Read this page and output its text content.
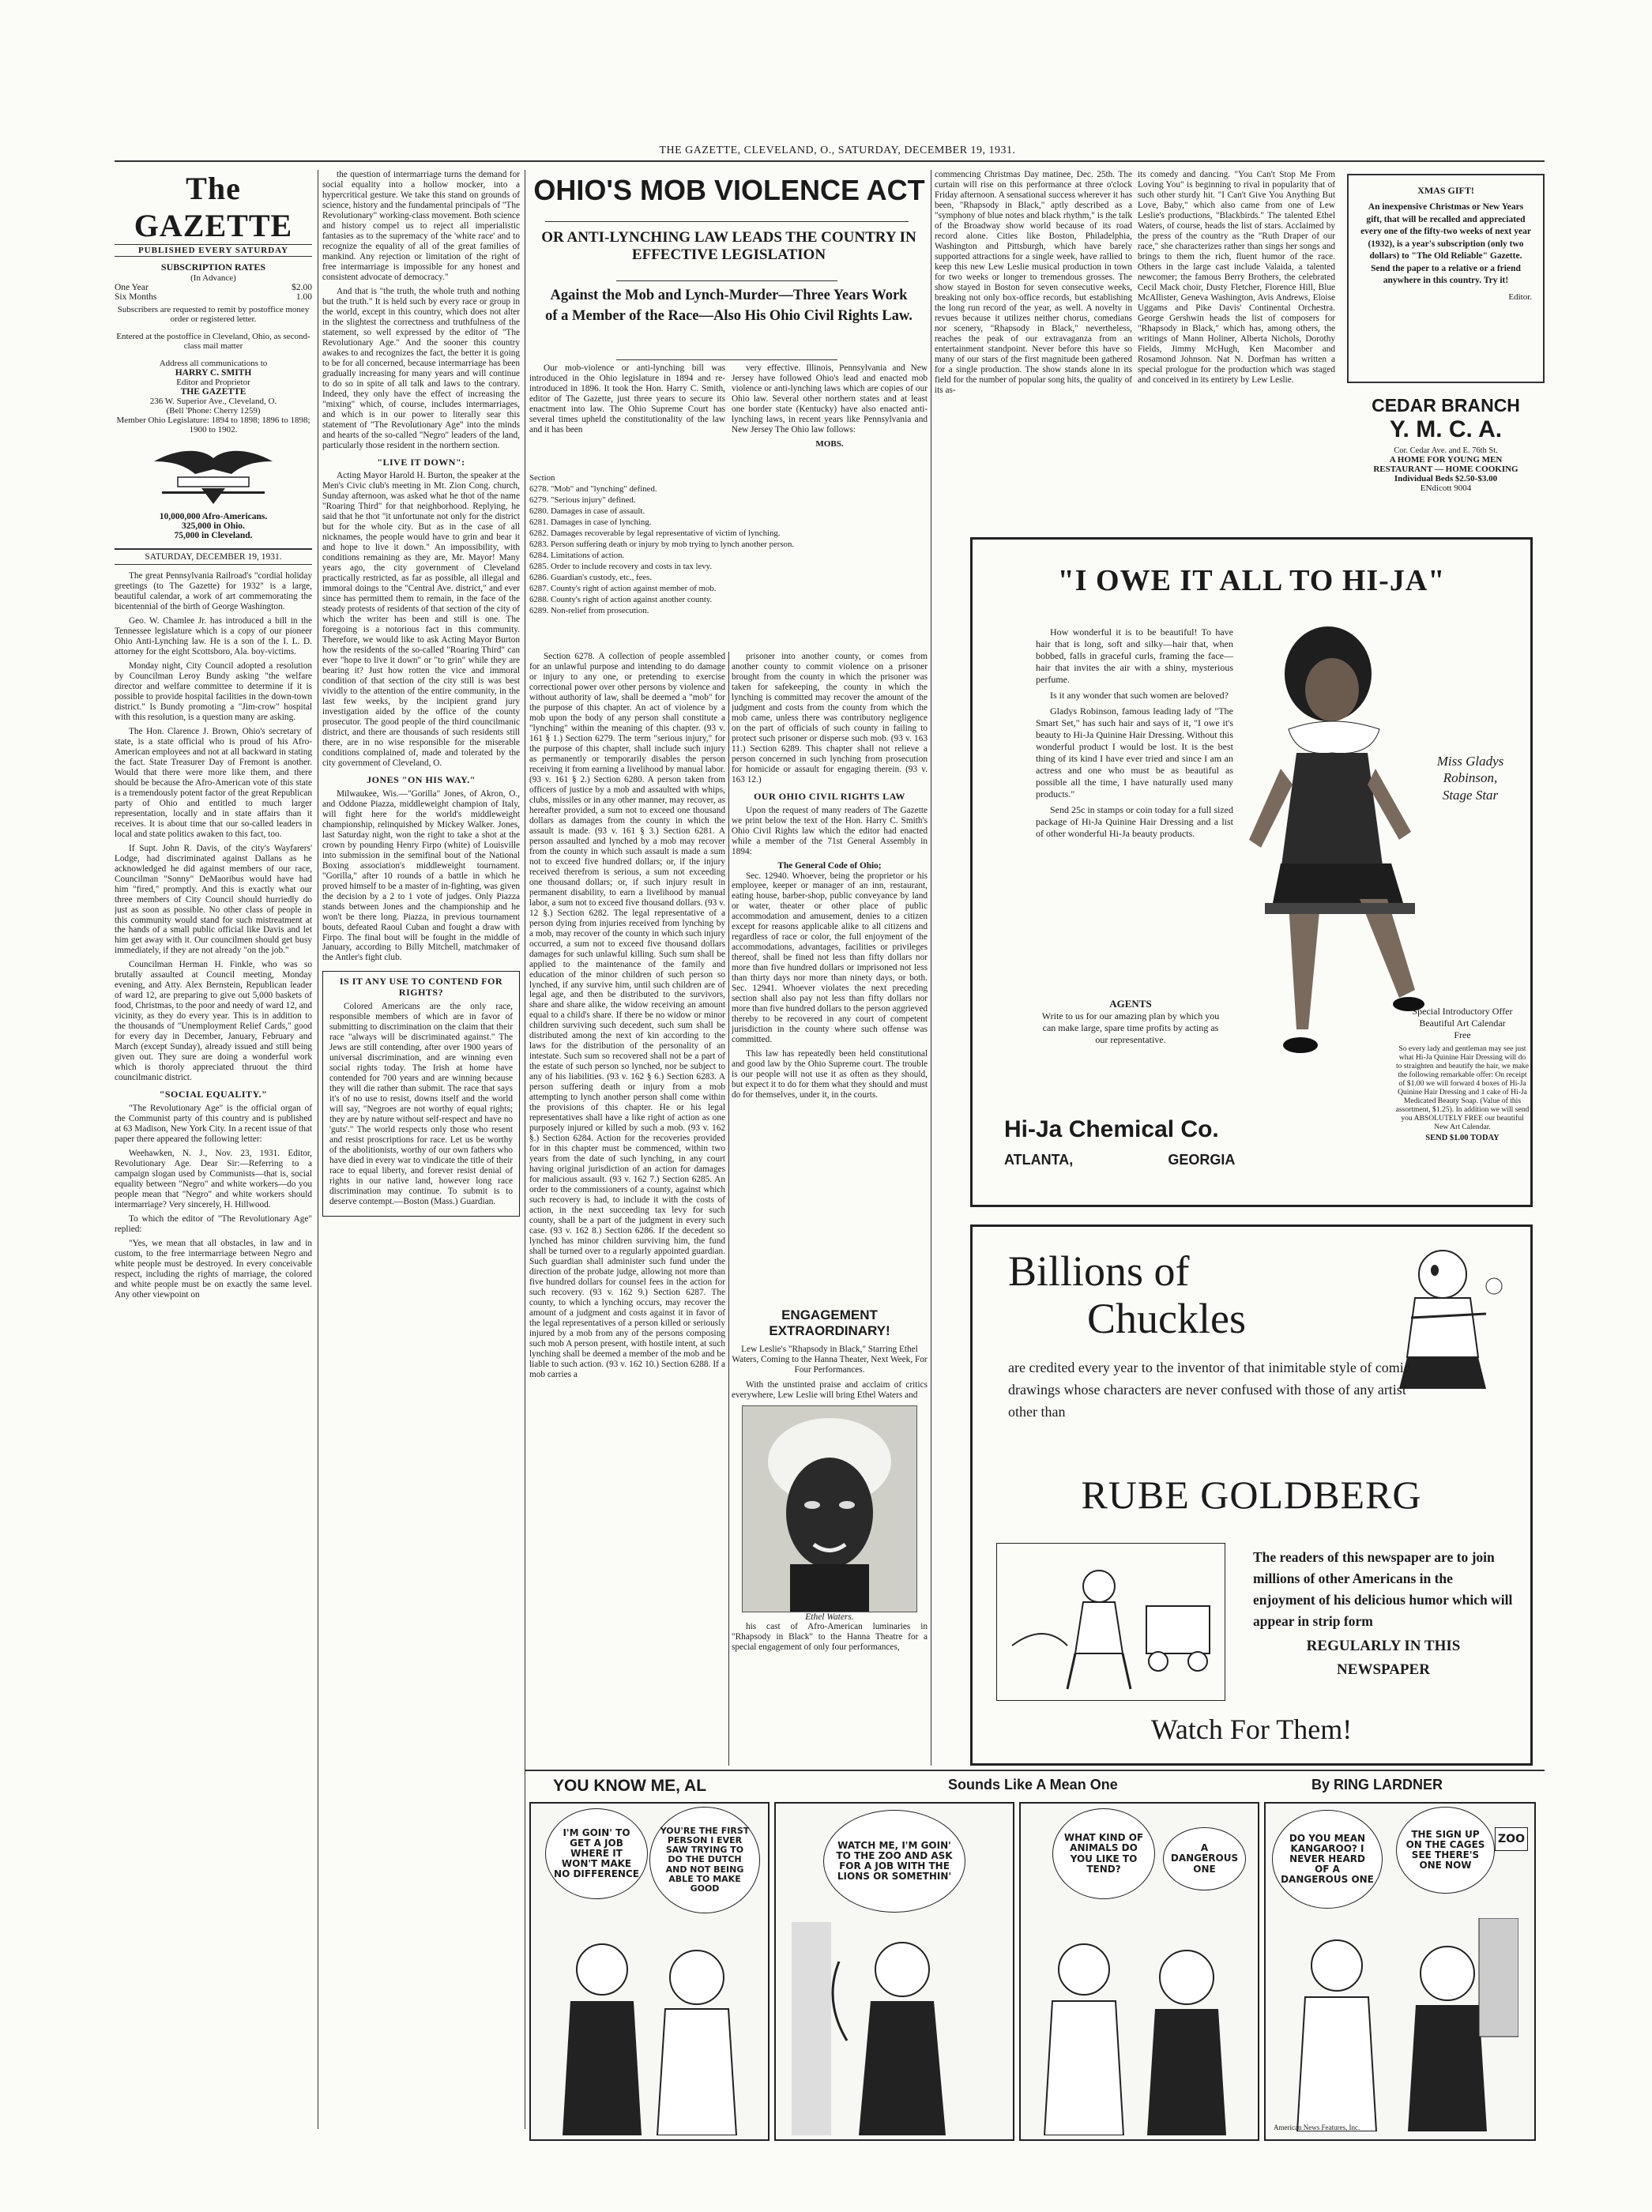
THE GAZETTE, CLEVELAND, O., SATURDAY, DECEMBER 19, 1931.
The GAZETTE
PUBLISHED EVERY SATURDAY
SUBSCRIPTION RATES
(In Advance)
One Year	$2.00
Six Months	1.00
Subscribers are requested to remit by postoffice money order or registered letter.
Entered at the postoffice in Cleveland, Ohio, as second-class mail matter
Address all communications to
HARRY C. SMITH
Editor and Proprietor
THE GAZETTE
236 W. Superior Ave., Cleveland, O.
(Bell 'Phone: Cherry 1259)
Member Ohio Legislature: 1894 to 1898; 1896 to 1898; 1900 to 1902.
10,000,000 Afro-Americans.
325,000 in Ohio.
75,000 in Cleveland.
SATURDAY, DECEMBER 19, 1931.

The great Pennsylvania Railroad's "cordial holiday greetings (to The Gazette) for 1932" is a large, beautiful calendar, a work of art commemorating the bicentennial of the birth of George Washington.

Geo. W. Chamlee Jr. has introduced a bill in the Tennessee legislature which is a copy of our pioneer Ohio Anti-Lynching law. He is a son of the I. L. D. attorney for the eight Scottsboro, Ala. boy-victims.

Monday night, City Council adopted a resolution by Councilman Leroy Bundy asking "the welfare director and welfare committee to determine if it is possible to provide hospital facilities in the down-town district." Is Bundy promoting a "Jim-crow" hospital with this resolution, is a question many are asking.

The Hon. Clarence J. Brown, Ohio's secretary of state, is a state official who is proud of his Afro-American employees and not at all backward in stating the fact. State Treasurer Day of Fremont is another. Would that there were more like them, and there should be because the Afro-American vote of this state is a tremendously potent factor of the great Republican party of Ohio and entitled to much larger representation, locally and in state affairs than it receives. It is about time that our so-called leaders in local and state politics awaken to this fact, too.

If Supt. John R. Davis, of the city's Wayfarers' Lodge, had discriminated against Dallans as he acknowledged he did against members of our race, Councilman "Sonny" DeMaoribus would have had him "fired," promptly. And this is exactly what our three members of City Council should hurriedly do just as soon as possible. No other class of people in this community would stand for such mistreatment at the hands of a small public official like Davis and let him get away with it. Our councilmen should get busy immediately, if they are not already "on the job."

Councilman Herman H. Finkle, who was so brutally assaulted at Council meeting, Monday evening, and Atty. Alex Bernstein, Republican leader of ward 12, are preparing to give out 5,000 baskets of food, Christmas, to the poor and needy of ward 12, and vicinity, as they do every year. This is in addition to the thousands of "Unemployment Relief Cards," good for every day in December, January, February and March (except Sunday), already issued and still being given out. They sure are doing a wonderful work which is thoroly appreciated thruout the third councilmanic district.

"SOCIAL EQUALITY."

"The Revolutionary Age" is the official organ of the Communist party of this country and is published at 63 Madison, New York City. In a recent issue of that paper there appeared the following letter:

Weehawken, N. J., Nov. 23, 1931. Editor, Revolutionary Age. Dear Sir:—Referring to a campaign slogan used by Communists—that is, social equality between "Negro" and white workers—do you people mean that "Negro" and white workers should intermarriage? Very sincerely, H. Hillwood.

To which the editor of "The Revolutionary Age" replied:

"Yes, we mean that all obstacles, in law and in custom, to the free intermarriage between Negro and white people must be destroyed. In every conceivable respect, including the rights of marriage, the colored and white people must be on exactly the same level. Any other viewpoint on

the question of intermarriage turns the demand for social equality into a hollow mocker, into a hypercritical gesture. We take this stand on grounds of science, history and the fundamental principals of "The Revolutionary" working-class movement. Both science and history compel us to reject all imperialistic fantasies as to the supremacy of the 'white race' and to recognize the equality of all of the great families of mankind. Any rejection or limitation of the right of free intermarriage is impossible for any honest and consistent advocate of democracy."

And that is "the truth, the whole truth and nothing but the truth." It is held such by every race or group in the world, except in this country, which does not alter in the slightest the correctness and truthfulness of the statement, so well expressed by the editor of "The Revolutionary Age." And the sooner this country awakes to and recognizes the fact, the better it is going to be for all concerned, because intermarriage has been gradually increasing for many years and will continue to do so in spite of all talk and laws to the contrary. Indeed, they only have the effect of increasing the "mixing" which, of course, includes intermarriages, and which is in our power to literally sear this statement of "The Revolutionary Age" into the minds and hearts of the so-called "Negro" leaders of the land, particularly those resident in the northern section.

"LIVE IT DOWN":

Acting Mayor Harold H. Burton, the speaker at the Men's Civic club's meeting in Mt. Zion Cong. church, Sunday afternoon, was asked what he thot of the name "Roaring Third" for that neighborhood. Replying, he said that he thot "it unfortunate not only for the district but for the whole city. But as in the case of all nicknames, the people would have to grin and bear it and hope to live it down." An impossibility, with conditions remaining as they are, Mr. Mayor! Many years ago, the city government of Cleveland practically restricted, as far as possible, all illegal and immoral doings to the "Central Ave. district," and ever since has permitted them to remain, in the face of the steady protests of residents of that section of the city of which the writer has been and still is one. The foregoing is a notorious fact in this community. Therefore, we would like to ask Acting Mayor Burton how the residents of the so-called "Roaring Third" can ever "hope to live it down" or "to grin" while they are bearing it? Just how rotten the vice and immoral condition of that section of the city still is was best vividly to the attention of the entire community, in the last few weeks, by the incipient grand jury investigation aided by the office of the county prosecutor. The good people of the third councilmanic district, and there are thousands of such residents still there, are in no wise responsible for the miserable conditions complained of, made and tolerated by the city government of Cleveland, O.

JONES "ON HIS WAY."

Milwaukee, Wis.—"Gorilla" Jones, of Akron, O., and Oddone Piazza, middleweight champion of Italy, will fight here for the world's middleweight championship, relinquished by Mickey Walker. Jones, last Saturday night, won the right to take a shot at the crown by pounding Henry Firpo (white) of Louisville into submission in the semifinal bout of the National Boxing association's middleweight tournament. "Gorilla," after 10 rounds of a battle in which he proved himself to be a master of in-fighting, was given the decision by a 2 to 1 vote of judges. Only Piazza stands between Jones and the championship and he won't be there long. Piazza, in previous tournament bouts, defeated Raoul Cuban and fought a draw with Firpo. The final bout will be fought in the middle of January, according to Billy Mitchell, matchmaker of the Antler's fight club.

IS IT ANY USE TO CONTEND FOR RIGHTS?

Colored Americans are the only race, responsible members of which are in favor of submitting to discrimination on the claim that their race "always will be discriminated against." The Jews are still contending, after over 1900 years of universal discrimination, and are winning even social rights today. The Irish at home have contended for 700 years and are winning because they will die rather than submit. The race that says it's of no use to resist, downs itself and the world will say, "Negroes are not worthy of equal rights; they are by nature without self-respect and have no 'guts'." The world respects only those who resent and resist proscriptions for race. Let us be worthy of the abolitionists, worthy of our own fathers who have died in every war to vindicate the title of their race to equal liberty, and forever resist denial of rights in our native land, however long race discrimination may continue. To submit is to deserve contempt.—Boston (Mass.) Guardian.

OHIO'S MOB VIOLENCE ACT
OR ANTI-LYNCHING LAW LEADS THE COUNTRY IN EFFECTIVE LEGISLATION
Against the Mob and Lynch-Murder—Three Years Work of a Member of the Race—Also His Ohio Civil Rights Law.

Our mob-violence or anti-lynching bill was introduced in the Ohio legislature in 1894 and re-introduced in 1896. It took the Hon. Harry C. Smith, editor of The Gazette, just three years to secure its enactment into law. The Ohio Supreme Court has several times upheld the constitutionality of the law and it has been

very effective. Illinois, Pennsylvania and New Jersey have followed Ohio's lead and enacted mob violence or anti-lynching laws which are copies of our Ohio law. Several other northern states and at least one border state (Kentucky) have also enacted anti-lynching laws, in recent years like Pennsylvania and New Jersey The Ohio law follows:

MOBS.

Section

6278. "Mob" and "lynching" defined.

6279. "Serious injury" defined.

6280. Damages in case of assault.

6281. Damages in case of lynching.

6282. Damages recoverable by legal representative of victim of lynching.

6283. Person suffering death or injury by mob trying to lynch another person.

6284. Limitations of action.

6285. Order to include recovery and costs in tax levy.

6286. Guardian's custody, etc., fees.

6287. County's right of action against member of mob.

6288. County's right of action against another county.

6289. Non-relief from prosecution.

Section 6278. A collection of people assembled for an unlawful purpose and intending to do damage or injury to any one, or pretending to exercise correctional power over other persons by violence and without authority of law, shall be deemed a "mob" for the purpose of this chapter. An act of violence by a mob upon the body of any person shall constitute a "lynching" within the meaning of this chapter. (93 v. 161 § 1.) Section 6279. The term "serious injury," for the purpose of this chapter, shall include such injury as permanently or temporarily disables the person receiving it from earning a livelihood by manual labor. (93 v. 161 § 2.) Section 6280. A person taken from officers of justice by a mob and assaulted with whips, clubs, missiles or in any other manner, may recover, as hereafter provided, a sum not to exceed one thousand dollars as damages from the county in which the assault is made. (93 v. 161 § 3.) Section 6281. A person assaulted and lynched by a mob may recover from the county in which such assault is made a sum not to exceed five hundred dollars; or, if the injury received therefrom is serious, a sum not exceeding one thousand dollars; or, if such injury result in permanent disability, to earn a livelihood by manual labor, a sum not to exceed five thousand dollars. (93 v. 12 §.) Section 6282. The legal representative of a person dying from injuries received from lynching by a mob, may recover of the county in which such injury occurred, a sum not to exceed five thousand dollars damages for such unlawful killing. Such sum shall be applied to the maintenance of the family and education of the minor children of such person so lynched, if any survive him, until such children are of legal age, and then be distributed to the survivors, share and share alike, the widow receiving an amount equal to a child's share. If there be no widow or minor children surviving such decedent, such sum shall be distributed among the next of kin according to the laws for the distribution of the personality of an intestate. Such sum so recovered shall not be a part of the estate of such person so lynched, nor be subject to any of his liabilities. (93 v. 162 § 6.) Section 6283. A person suffering death or injury from a mob attempting to lynch another person shall come within the provisions of this chapter. He or his legal representatives shall have a like right of action as one purposely injured or killed by such a mob. (93 v. 162 §.) Section 6284. Action for the recoveries provided for in this chapter must be commenced, within two years from the date of such lynching, in any court having original jurisdiction of an action for damages for malicious assault. (93 v. 162 7.) Section 6285. An order to the commissioners of a county, against which such recovery is had, to include it with the costs of action, in the next succeeding tax levy for such county, shall be a part of the judgment in every such case. (93 v. 162 8.) Section 6286. If the decedent so lynched has minor children surviving him, the fund shall be turned over to a regularly appointed guardian. Such guardian shall administer such fund under the direction of the probate judge, allowing not more than five hundred dollars for counsel fees in the action for such recovery. (93 v. 162 9.) Section 6287. The county, to which a lynching occurs, may recover the amount of a judgment and costs against it in favor of the legal representatives of a person killed or seriously injured by a mob from any of the persons composing such mob A person present, with hostile intent, at such lynching shall be deemed a member of the mob and be liable to such action. (93 v. 162 10.) Section 6288. If a mob carries a

prisoner into another county, or comes from another county to commit violence on a prisoner brought from the county in which the prisoner was taken for safekeeping, the county in which the lynching is committed may recover the amount of the judgment and costs from the county from which the mob came, unless there was contributory negligence on the part of officials of such county in failing to protect such prisoner or disperse such mob. (93 v. 163 11.) Section 6289. This chapter shall not relieve a person concerned in such lynching from prosecution for homicide or assault for engaging therein. (93 v. 163 12.)

OUR OHIO CIVIL RIGHTS LAW

Upon the request of many readers of The Gazette we print below the text of the Hon. Harry C. Smith's Ohio Civil Rights law which the editor had enacted while a member of the 71st General Assembly in 1894:

The General Code of Ohio;

Sec. 12940. Whoever, being the proprietor or his employee, keeper or manager of an inn, restaurant, eating house, barber-shop, public conveyance by land or water, theater or other place of public accommodation and amusement, denies to a citizen except for reasons applicable alike to all citizens and regardless of race or color, the full enjoyment of the accommodations, advantages, facilities or privileges thereof, shall be fined not less than fifty dollars nor more than five hundred dollars or imprisoned not less than thirty days nor more than ninety days, or both. Sec. 12941. Whoever violates the next preceding section shall also pay not less than fifty dollars nor more than five hundred dollars to the person aggrieved thereby to be recovered in any court of competent jurisdiction in the county where such offense was committed.

This law has repeatedly been held constitutional and good law by the Ohio Supreme court. The trouble is our people will not use it as often as they should, but expect it to do for them what they should and must do for themselves, under it, in the courts.

ENGAGEMENT EXTRAORDINARY!
Lew Leslie's "Rhapsody in Black," Starring Ethel Waters, Coming to the Hanna Theater, Next Week, For Four Performances.

With the unstinted praise and acclaim of critics everywhere, Lew Leslie will bring Ethel Waters and

Ethel Waters.

his cast of Afro-American luminaries in "Rhapsody in Black" to the Hanna Theatre for a special engagement of only four performances,

commencing Christmas Day matinee, Dec. 25th. The curtain will rise on this performance at three o'clock Friday afternoon. A sensational success wherever it has been, "Rhapsody in Black," aptly described as a "symphony of blue notes and black rhythm," is the talk of the Broadway show world because of its road record alone. Cities like Boston, Philadelphia, Washington and Pittsburgh, which have barely supported attractions for a single week, have rallied to keep this new Lew Leslie musical production in town for two weeks or longer to tremendous grosses. The show stayed in Boston for seven consecutive weeks, breaking not only box-office records, but establishing the long run record of the year, as well. A novelty in revues because it utilizes neither chorus, comedians nor scenery, "Rhapsody in Black," nevertheless, reaches the peak of our extravaganza from an entertainment standpoint. Never before this have so many of our stars of the first magnitude been gathered for a single production. The show stands alone in its field for the number of popular song hits, the quality of its as-

its comedy and dancing. "You Can't Stop Me From Loving You" is beginning to rival in popularity that of such other sturdy hit. "I Can't Give You Anything But Love, Baby," which also came from one of Lew Leslie's productions, "Blackbirds." The talented Ethel Waters, of course, heads the list of stars. Acclaimed by the press of the country as the "Ruth Draper of our race," she characterizes rather than sings her songs and brings to them the rich, fluent humor of the race. Others in the large cast include Valaida, a talented newcomer; the famous Berry Brothers, the celebrated Cecil Mack choir, Dusty Fletcher, Florence Hill, Blue McAllister, Geneva Washington, Avis Andrews, Eloise Uggams and Pike Davis' Continental Orchestra. George Gershwin heads the list of composers for "Rhapsody in Black," which has, among others, the writings of Mann Holiner, Alberta Nichols, Dorothy Fields, Jimmy McHugh, Ken Macomber and Rosamond Johnson. Nat N. Dorfman has written a special prologue for the production which was staged and conceived in its entirety by Lew Leslie.

XMAS GIFT!
An inexpensive Christmas or New Years gift, that will be recalled and appreciated every one of the fifty-two weeks of next year (1932), is a year's subscription (only two dollars) to "The Old Reliable" Gazette. Send the paper to a relative or a friend anywhere in this country. Try it!
Editor.
CEDAR BRANCH
Y. M. C. A.
Cor. Cedar Ave. and E. 76th St.
A HOME FOR YOUNG MEN
RESTAURANT — HOME COOKING
Individual Beds $2.50-$3.00
ENdicott 9004
"I OWE IT ALL TO HI-JA"

How wonderful it is to be beautiful! To have hair that is long, soft and silky—hair that, when bobbed, falls in graceful curls, framing the face—hair that invites the air with a shiny, mysterious perfume.

Is it any wonder that such women are beloved?

Gladys Robinson, famous leading lady of "The Smart Set," has such hair and says of it, "I owe it's beauty to Hi-Ja Quinine Hair Dressing. Without this wonderful product I would be lost. It is the best thing of its kind I have ever tried and since I am an actress and one who must be as beautiful as possible all the time, I have naturally used many products."

Send 25c in stamps or coin today for a full sized package of Hi-Ja Quinine Hair Dressing and a list of other wonderful Hi-Ja beauty products.

Miss Gladys
Robinson,
Stage Star
AGENTS
Write to us for our amazing plan by which you can make large, spare time profits by acting as our representative.
Special Introductory Offer
Beautiful Art Calendar
Free
So every lady and gentleman may see just what Hi-Ja Quinine Hair Dressing will do to straighten and beautify the hair, we make the following remarkable offer: On receipt of $1.00 we will forward 4 boxes of Hi-Ja Quinine Hair Dressing and 1 cake of Hi-Ja Medicated Beauty Soap. (Value of this assortment, $1.25). In addition we will send you ABSOLUTELY FREE our beautiful New Art Calendar.
SEND $1.00 TODAY
Hi-Ja Chemical Co.
ATLANTA,	GEORGIA
Billions of
Chuckles
are credited every year to the inventor of that inimitable style of comic drawings whose characters are never confused with those of any artist other than
RUBE GOLDBERG
The readers of this newspaper are to join millions of other Americans in the enjoyment of his delicious humor which will appear in strip form
REGULARLY IN THIS
NEWSPAPER
Watch For Them!
YOU KNOW ME, AL	Sounds Like A Mean One	By RING LARDNER
I'M GOIN' TO GET A JOB WHERE IT WON'T MAKE NO DIFFERENCE
YOU'RE THE FIRST PERSON I EVER SAW TRYING TO DO THE DUTCH AND NOT BEING ABLE TO MAKE GOOD
WATCH ME, I'M GOIN' TO THE ZOO AND ASK FOR A JOB WITH THE LIONS OR SOMETHIN'
WHAT KIND OF ANIMALS DO YOU LIKE TO TEND?
A DANGEROUS ONE
DO YOU MEAN KANGAROO? I NEVER HEARD OF A DANGEROUS ONE
THE SIGN UP ON THE CAGES SEE THERE'S ONE NOW
ZOO
American News Features, Inc.
